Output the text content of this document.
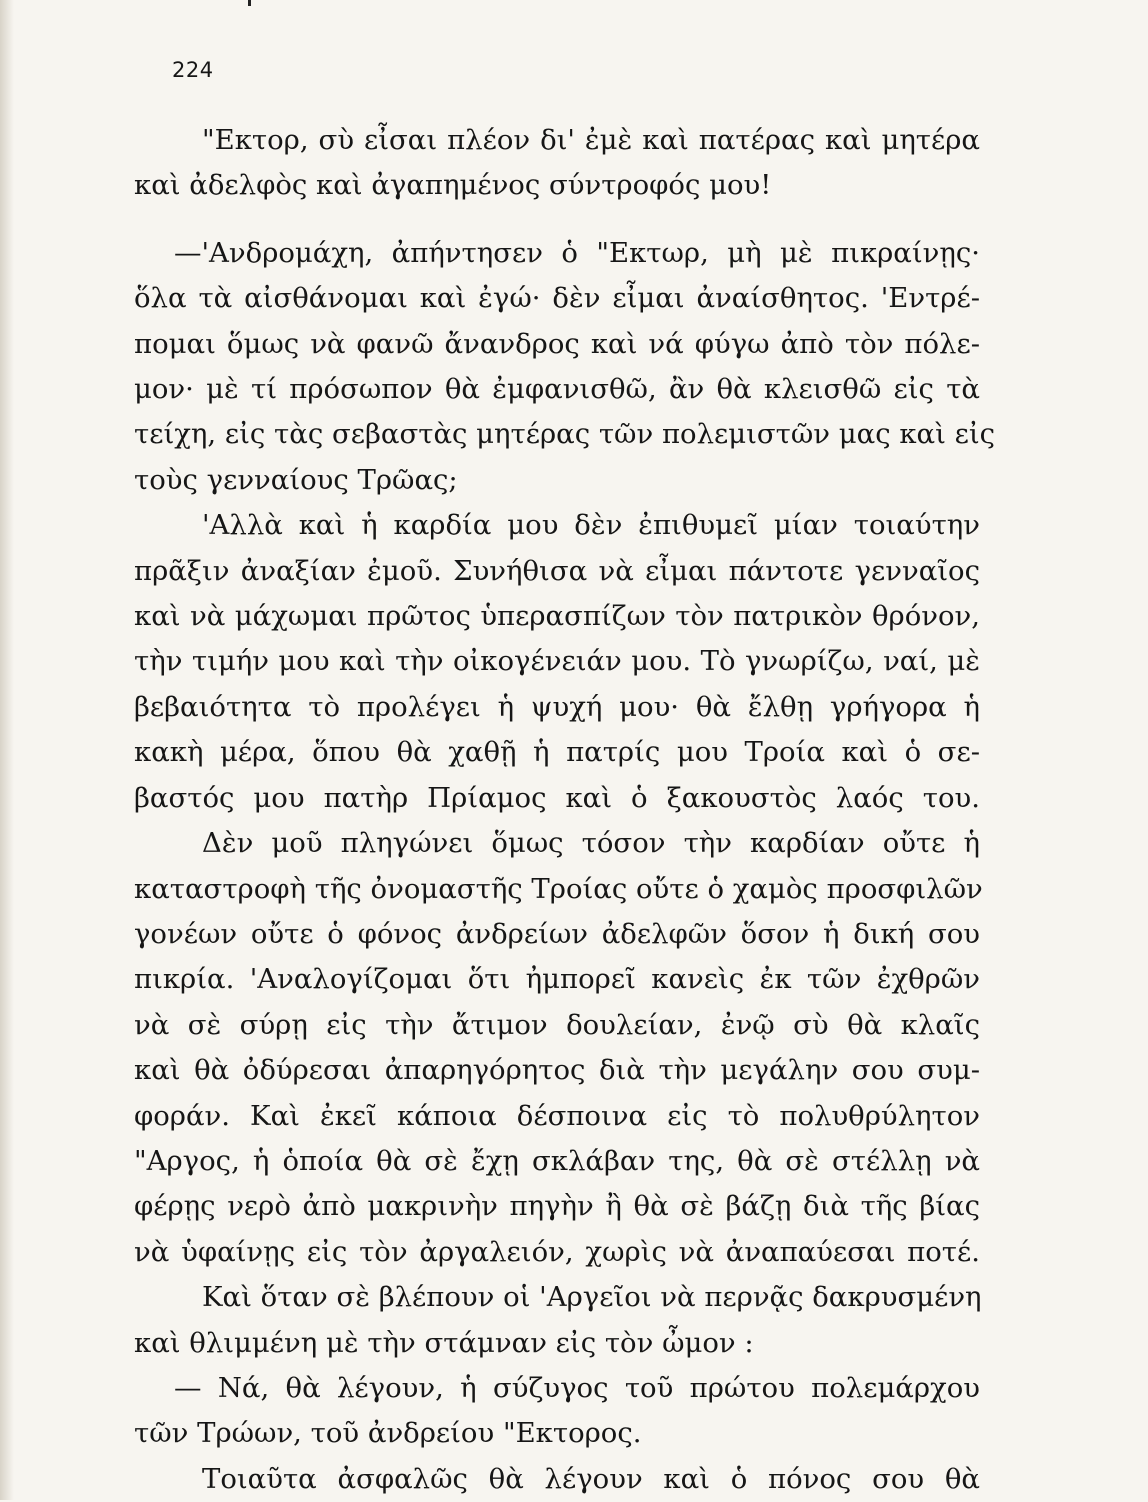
224
"Εκτορ, σὺ εἶσαι πλέον δι' ἐμὲ καὶ πατέρας καὶ μητέρα
καὶ ἀδελφὸς καὶ ἀγαπημένος σύντροφός μου!
—'Ανδρομάχη, ἀπήντησεν ὁ "Εκτωρ, μὴ μὲ πικραίνῃς·
ὅλα τὰ αἰσθάνομαι καὶ ἐγώ· δὲν εἶμαι ἀναίσθητος. 'Εντρέ-
πομαι ὅμως νὰ φανῶ ἄνανδρος καὶ νά φύγω ἀπὸ τὸν πόλε-
μον· μὲ τί πρόσωπον θὰ ἐμφανισθῶ, ἂν θὰ κλεισθῶ εἰς τὰ
τείχη, εἰς τὰς σεβαστὰς μητέρας τῶν πολεμιστῶν μας καὶ εἰς
τοὺς γενναίους Τρῶας;
'Αλλὰ καὶ ἡ καρδία μου δὲν ἐπιθυμεῖ μίαν τοιαύτην
πρᾶξιν ἀναξίαν ἐμοῦ. Συνήθισα νὰ εἶμαι πάντοτε γενναῖος
καὶ νὰ μάχωμαι πρῶτος ὑπερασπίζων τὸν πατρικὸν θρόνον,
τὴν τιμήν μου καὶ τὴν οἰκογένειάν μου. Τὸ γνωρίζω, ναί, μὲ
βεβαιότητα τὸ προλέγει ἡ ψυχή μου· θὰ ἔλθῃ γρήγορα ἡ
κακὴ μέρα, ὅπου θὰ χαθῇ ἡ πατρίς μου Τροία καὶ ὁ σε-
βαστός μου πατὴρ Πρίαμος καὶ ὁ ξακουστὸς λαός του.
Δὲν μοῦ πληγώνει ὅμως τόσον τὴν καρδίαν οὔτε ἡ
καταστροφὴ τῆς ὀνομαστῆς Τροίας οὔτε ὁ χαμὸς προσφιλῶν
γονέων οὔτε ὁ φόνος ἀνδρείων ἀδελφῶν ὅσον ἡ δική σου
πικρία. 'Αναλογίζομαι ὅτι ἠμπορεῖ κανεὶς ἐκ τῶν ἐχθρῶν
νὰ σὲ σύρῃ εἰς τὴν ἄτιμον δουλείαν, ἐνῷ σὺ θὰ κλαῖς
καὶ θὰ ὀδύρεσαι ἀπαρηγόρητος διὰ τὴν μεγάλην σου συμ-
φοράν. Καὶ ἐκεῖ κάποια δέσποινα εἰς τὸ πολυθρύλητον
"Αργος, ἡ ὁποία θὰ σὲ ἔχῃ σκλάβαν της, θὰ σὲ στέλλῃ νὰ
φέρῃς νερὸ ἀπὸ μακρινὴν πηγὴν ἢ θὰ σὲ βάζῃ διὰ τῆς βίας
νὰ ὑφαίνῃς εἰς τὸν ἀργαλειόν, χωρὶς νὰ ἀναπαύεσαι ποτέ.
Καὶ ὅταν σὲ βλέπουν οἱ 'Αργεῖοι νὰ περνᾷς δακρυσμένη
καὶ θλιμμένη μὲ τὴν στάμναν εἰς τὸν ὦμον :
— Νά, θὰ λέγουν, ἡ σύζυγος τοῦ πρώτου πολεμάρχου
τῶν Τρώων, τοῦ ἀνδρείου "Εκτορος.
Τοιαῦτα ἀσφαλῶς θὰ λέγουν καὶ ὁ πόνος σου θὰ
